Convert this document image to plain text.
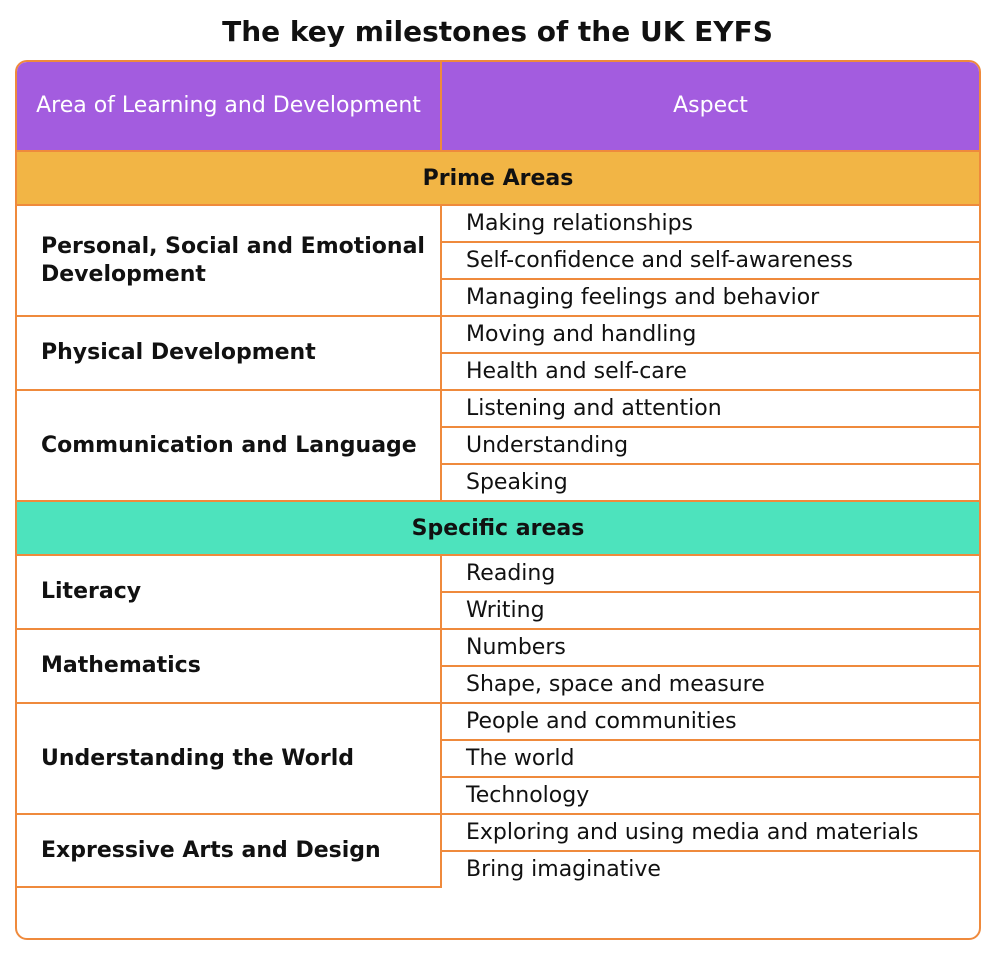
The key milestones of the UK EYFS
Area of Learning and Development	Aspect
Prime Areas	
Personal, Social and Emotional Development	Making relationships
	Self-confidence and self-awareness
	Managing feelings and behavior
Physical Development	Moving and handling
	Health and self-care
Communication and Language	Listening and attention
	Understanding
	Speaking
Specific areas	
Literacy	Reading
	Writing
Mathematics	Numbers
	Shape, space and measure
Understanding the World	People and communities
	The world
	Technology
Expressive Arts and Design	Exploring and using media and materials
	Bring imaginative
